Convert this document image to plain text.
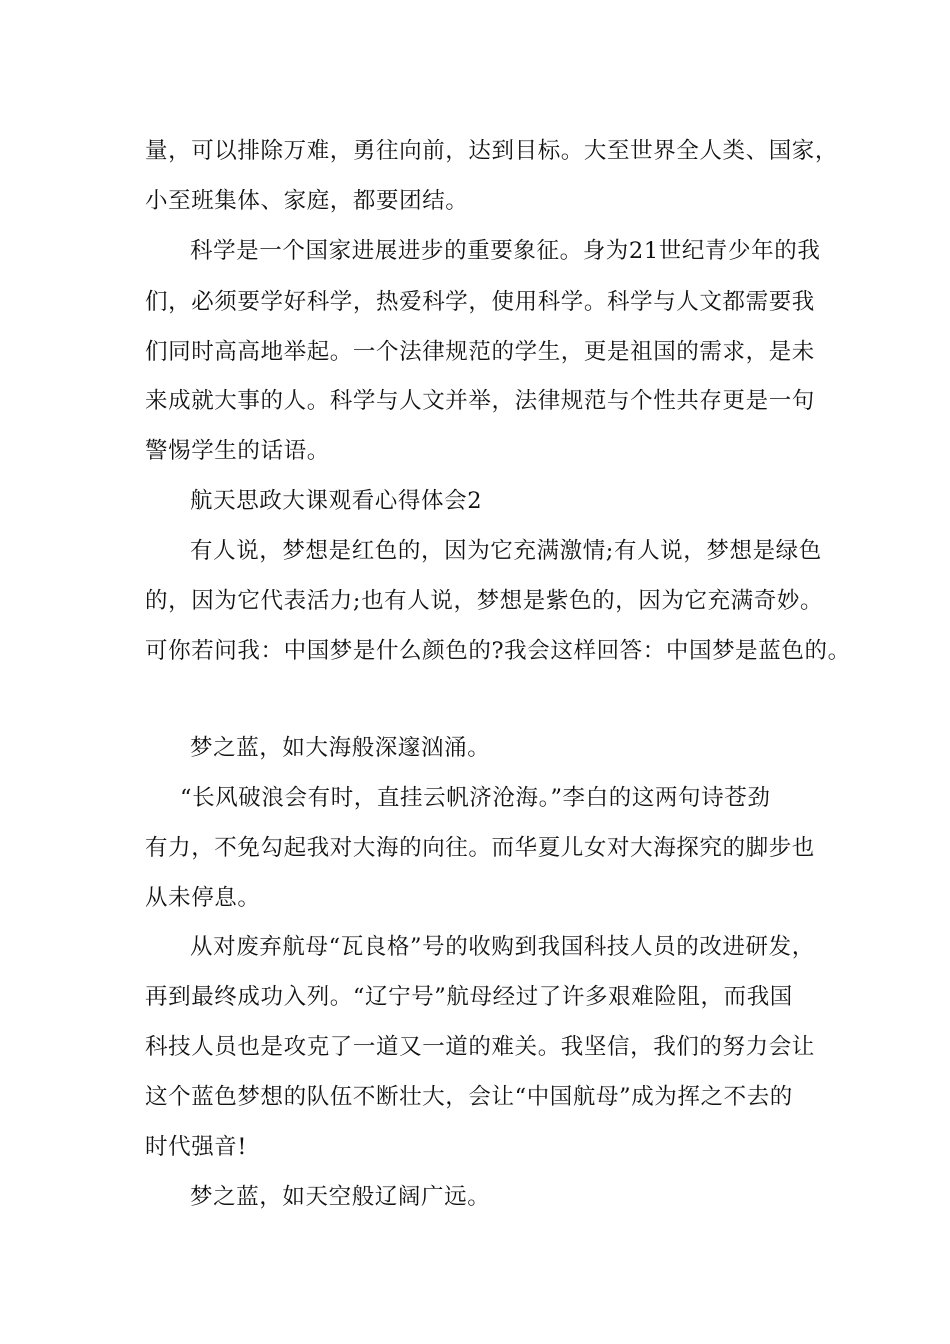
量，可以排除万难，勇往向前，达到目标。大至世界全人类、国家，
小至班集体、家庭，都要团结。
科学是一个国家进展进步的重要象征。身为21世纪青少年的我
们，必须要学好科学，热爱科学，使用科学。科学与人文都需要我
们同时高高地举起。一个法律规范的学生，更是祖国的需求，是未
来成就大事的人。科学与人文并举，法律规范与个性共存更是一句
警惕学生的话语。
航天思政大课观看心得体会2
有人说，梦想是红色的，因为它充满激情;有人说，梦想是绿色
的，因为它代表活力;也有人说，梦想是紫色的，因为它充满奇妙。
可你若问我：中国梦是什么颜色的?我会这样回答：中国梦是蓝色的。
梦之蓝，如大海般深邃汹涌。
“长风破浪会有时，直挂云帆济沧海。”李白的这两句诗苍劲
有力，不免勾起我对大海的向往。而华夏儿女对大海探究的脚步也
从未停息。
从对废弃航母“瓦良格”号的收购到我国科技人员的改进研发，
再到最终成功入列。“辽宁号”航母经过了许多艰难险阻，而我国
科技人员也是攻克了一道又一道的难关。我坚信，我们的努力会让
这个蓝色梦想的队伍不断壮大，会让“中国航母”成为挥之不去的
时代强音!
梦之蓝，如天空般辽阔广远。
